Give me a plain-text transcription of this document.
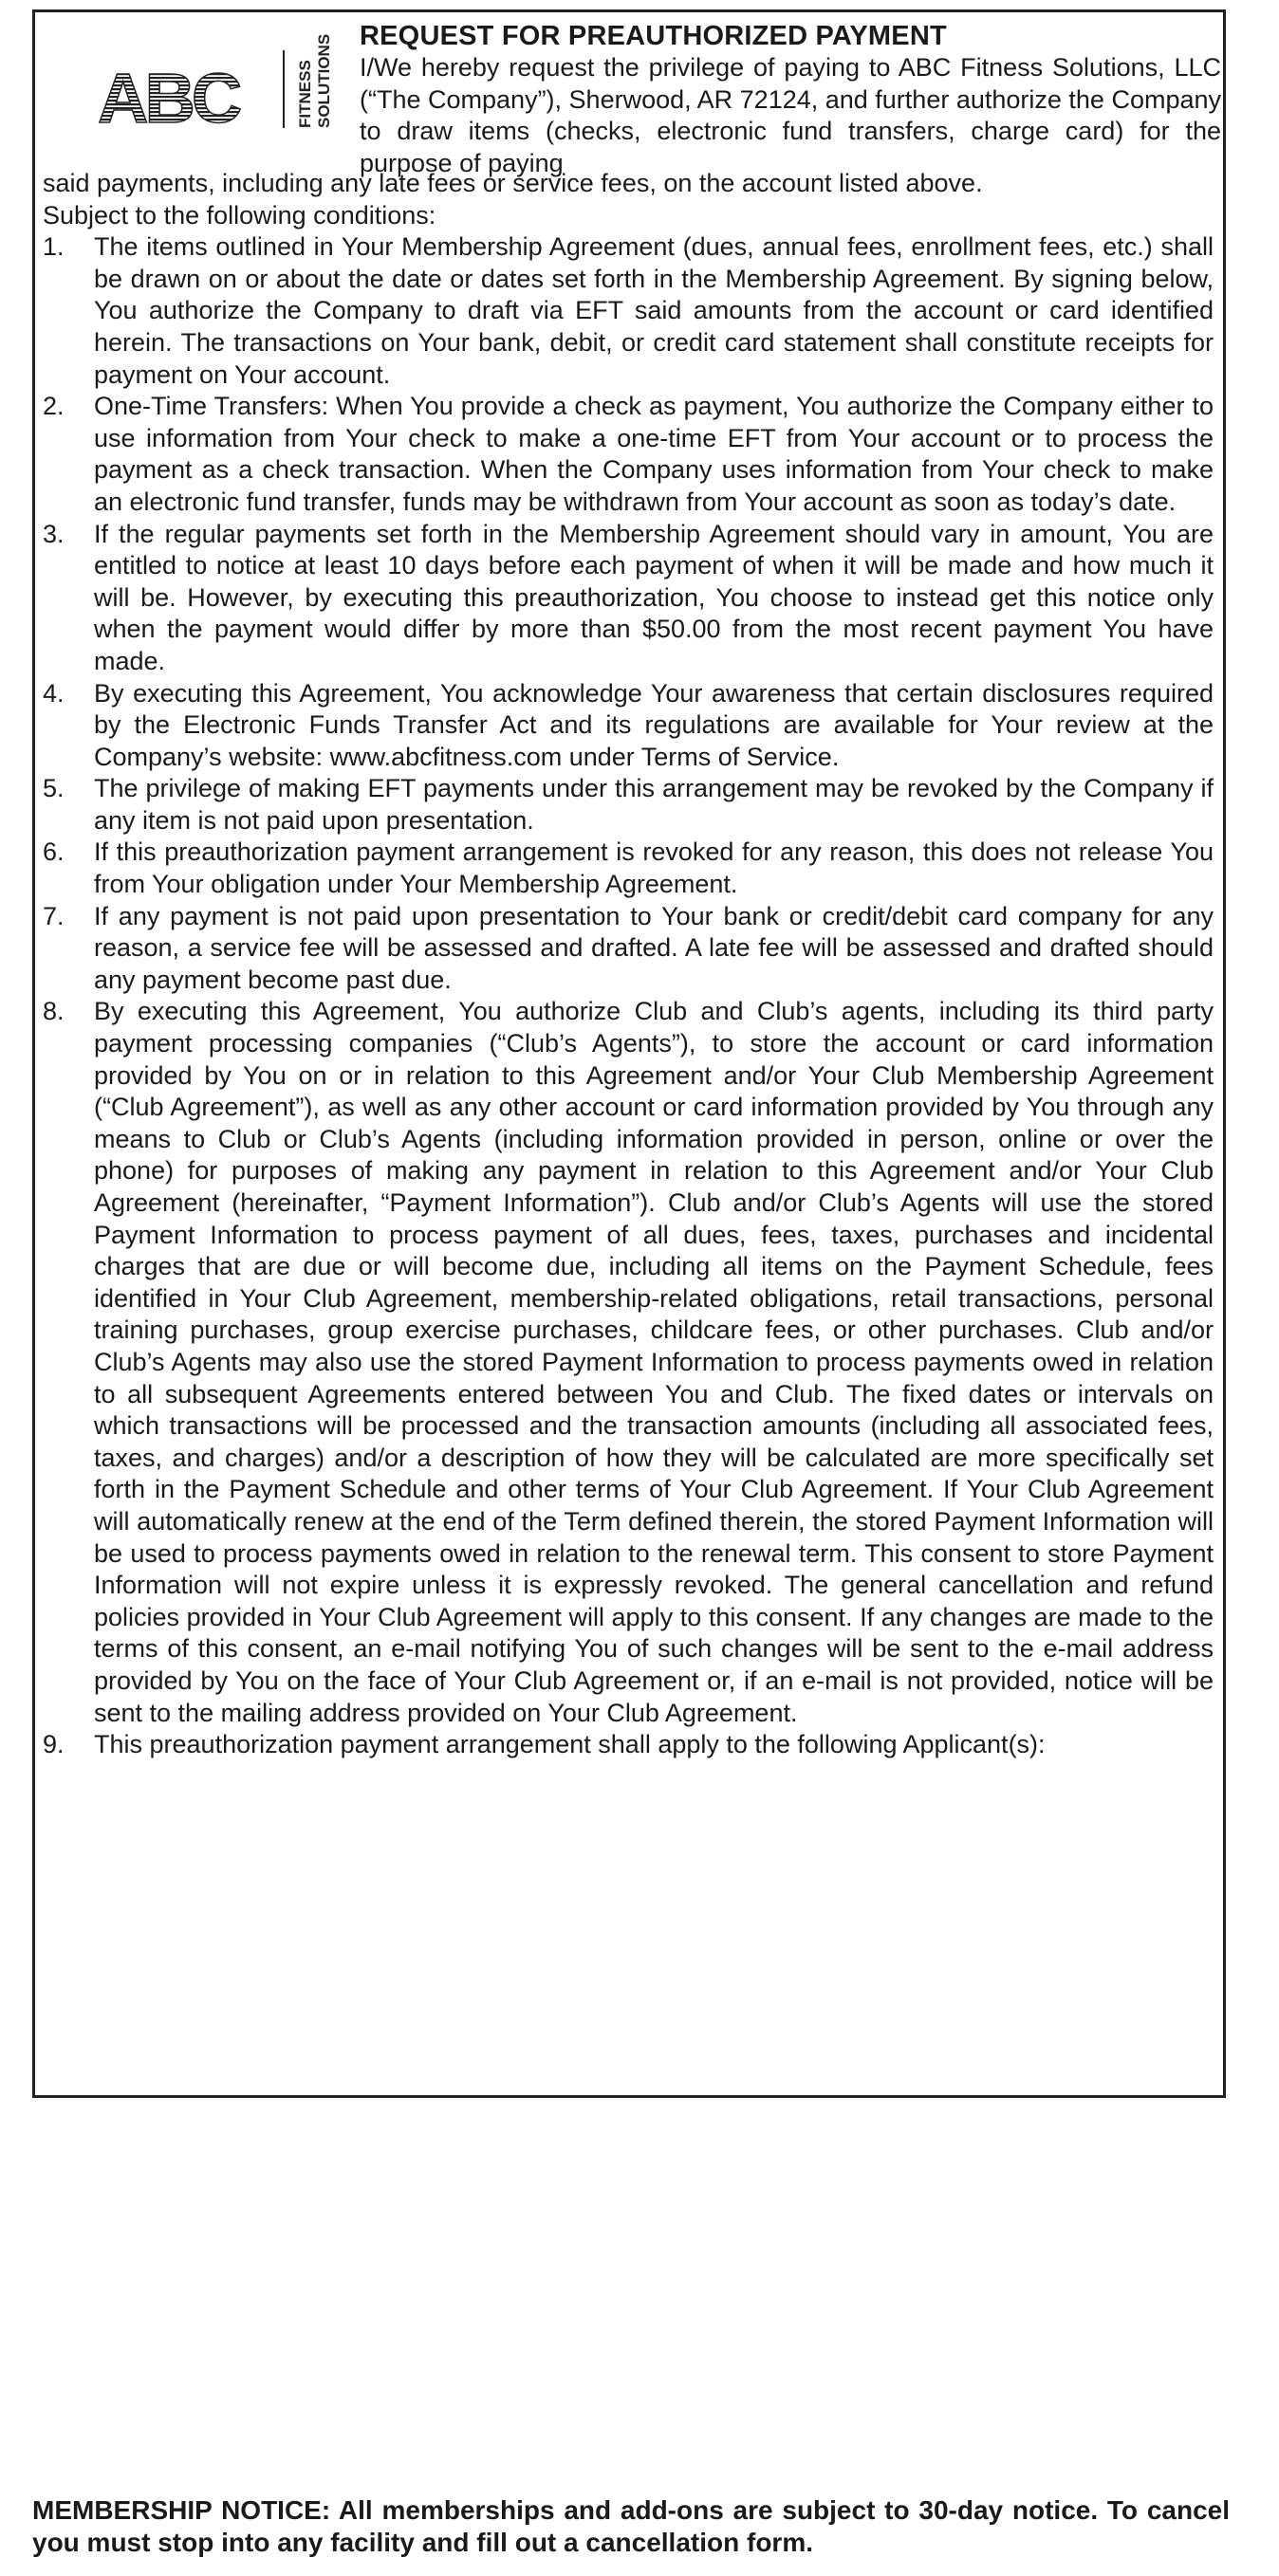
ABC	FITNESS SOLUTIONS REQUEST FOR PREAUTHORIZED PAYMENT
I/We hereby request the privilege of paying to ABC Fitness Solutions, LLC (“The Company”), Sherwood, AR 72124, and further authorize the Company to draw items (checks, electronic fund transfers, charge card) for the purpose of paying
said payments, including any late fees or service fees, on the account listed above.
Subject to the following conditions:
1. The items outlined in Your Membership Agreement (dues, annual fees, enrollment fees, etc.) shall be drawn on or about the date or dates set forth in the Membership Agreement. By signing below, You authorize the Company to draft via EFT said amounts from the account or card identified herein. The transactions on Your bank, debit, or credit card statement shall constitute receipts for payment on Your account.
2. One-Time Transfers: When You provide a check as payment, You authorize the Company either to use information from Your check to make a one-time EFT from Your account or to process the payment as a check transaction. When the Company uses information from Your check to make an electronic fund transfer, funds may be withdrawn from Your account as soon as today’s date.
3. If the regular payments set forth in the Membership Agreement should vary in amount, You are entitled to notice at least 10 days before each payment of when it will be made and how much it will be. However, by executing this preauthorization, You choose to instead get this notice only when the payment would differ by more than $50.00 from the most recent payment You have made.
4. By executing this Agreement, You acknowledge Your awareness that certain disclosures required by the Electronic Funds Transfer Act and its regulations are available for Your review at the Company’s website: www.abcfitness.com under Terms of Service.
5. The privilege of making EFT payments under this arrangement may be revoked by the Company if any item is not paid upon presentation.
6. If this preauthorization payment arrangement is revoked for any reason, this does not release You from Your obligation under Your Membership Agreement.
7. If any payment is not paid upon presentation to Your bank or credit/debit card company for any reason, a service fee will be assessed and drafted. A late fee will be assessed and drafted should any payment become past due.
8. By executing this Agreement, You authorize Club and Club’s agents, including its third party payment processing companies (“Club’s Agents”), to store the account or card information provided by You on or in relation to this Agreement and/or Your Club Membership Agreement (“Club Agreement”), as well as any other account or card information provided by You through any means to Club or Club’s Agents (including information provided in person, online or over the phone) for purposes of making any payment in relation to this Agreement and/or Your Club Agreement (hereinafter, “Payment Information”). Club and/or Club’s Agents will use the stored Payment Information to process payment of all dues, fees, taxes, purchases and incidental charges that are due or will become due, including all items on the Payment Schedule, fees identified in Your Club Agreement, membership-related obligations, retail transactions, personal training purchases, group exercise purchases, childcare fees, or other purchases. Club and/or Club’s Agents may also use the stored Payment Information to process payments owed in relation to all subsequent Agreements entered between You and Club. The fixed dates or intervals on which transactions will be processed and the transaction amounts (including all associated fees, taxes, and charges) and/or a description of how they will be calculated are more specifically set forth in the Payment Schedule and other terms of Your Club Agreement. If Your Club Agreement will automatically renew at the end of the Term defined therein, the stored Payment Information will be used to process payments owed in relation to the renewal term. This consent to store Payment Information will not expire unless it is expressly revoked. The general cancellation and refund policies provided in Your Club Agreement will apply to this consent. If any changes are made to the terms of this consent, an e-mail notifying You of such changes will be sent to the e-mail address provided by You on the face of Your Club Agreement or, if an e-mail is not provided, notice will be sent to the mailing address provided on Your Club Agreement.
9. This preauthorization payment arrangement shall apply to the following Applicant(s):
MEMBERSHIP NOTICE: All memberships and add-ons are subject to 30-day notice. To cancel you must stop into any facility and fill out a cancellation form.
